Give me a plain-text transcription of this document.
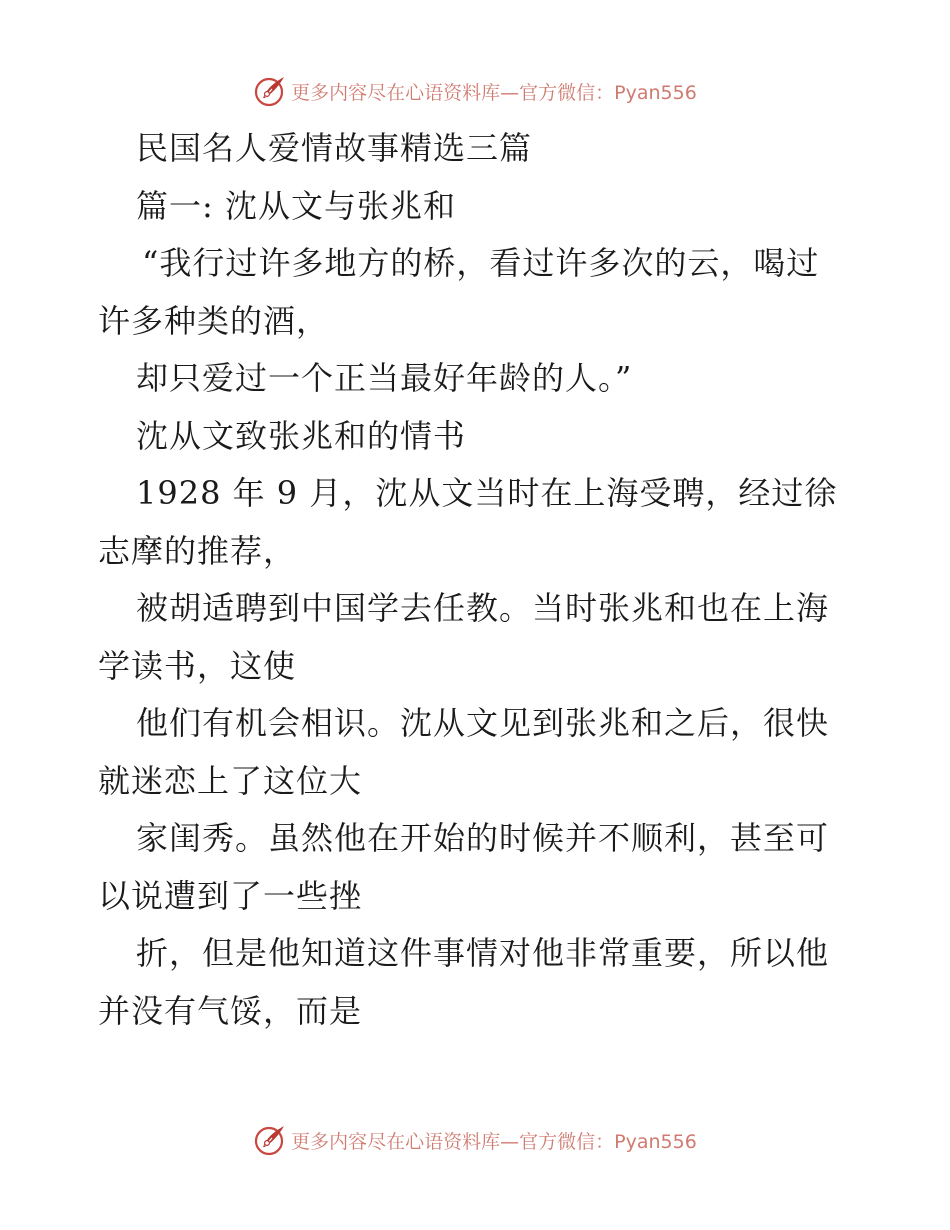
更多内容尽在心语资料库—官方微信：Pyan556
民国名人爱情故事精选三篇
篇一: 沈从文与张兆和
“我行过许多地方的桥，看过许多次的云，喝过
许多种类的酒，
却只爱过一个正当最好年龄的人。”
沈从文致张兆和的情书
1928 年 9 月，沈从文当时在上海受聘，经过徐
志摩的推荐，
被胡适聘到中国学去任教。当时张兆和也在上海
学读书，这使
他们有机会相识。沈从文见到张兆和之后，很快
就迷恋上了这位大
家闺秀。虽然他在开始的时候并不顺利，甚至可
以说遭到了一些挫
折，但是他知道这件事情对他非常重要，所以他
并没有气馁，而是
更多内容尽在心语资料库—官方微信：Pyan556
